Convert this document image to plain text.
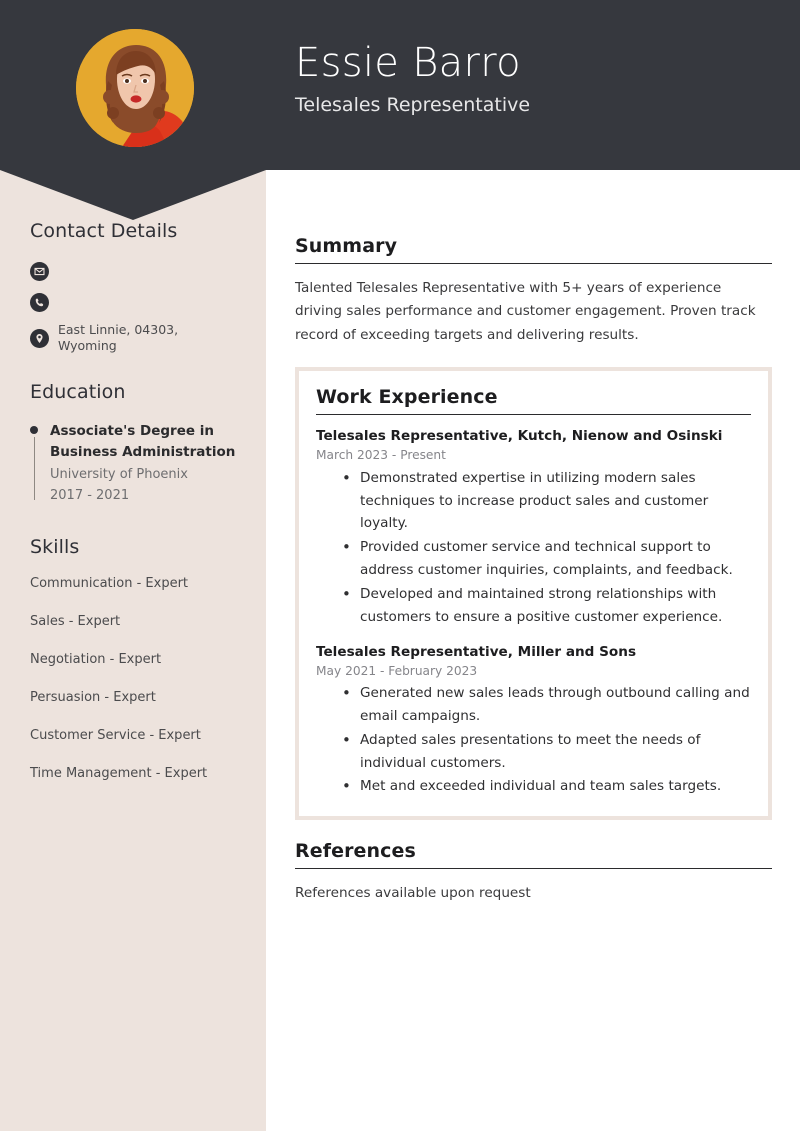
Essie Barro
Telesales Representative
Contact Details
East Linnie, 04303, Wyoming
Education
Associate's Degree in Business Administration
University of Phoenix
2017 - 2021
Skills
Communication - Expert
Sales - Expert
Negotiation - Expert
Persuasion - Expert
Customer Service - Expert
Time Management - Expert
Summary
Talented Telesales Representative with 5+ years of experience driving sales performance and customer engagement. Proven track record of exceeding targets and delivering results.
Work Experience
Telesales Representative, Kutch, Nienow and Osinski
March 2023 - Present
• Demonstrated expertise in utilizing modern sales techniques to increase product sales and customer loyalty.
• Provided customer service and technical support to address customer inquiries, complaints, and feedback.
• Developed and maintained strong relationships with customers to ensure a positive customer experience.
Telesales Representative, Miller and Sons
May 2021 - February 2023
• Generated new sales leads through outbound calling and email campaigns.
• Adapted sales presentations to meet the needs of individual customers.
• Met and exceeded individual and team sales targets.
References
References available upon request
